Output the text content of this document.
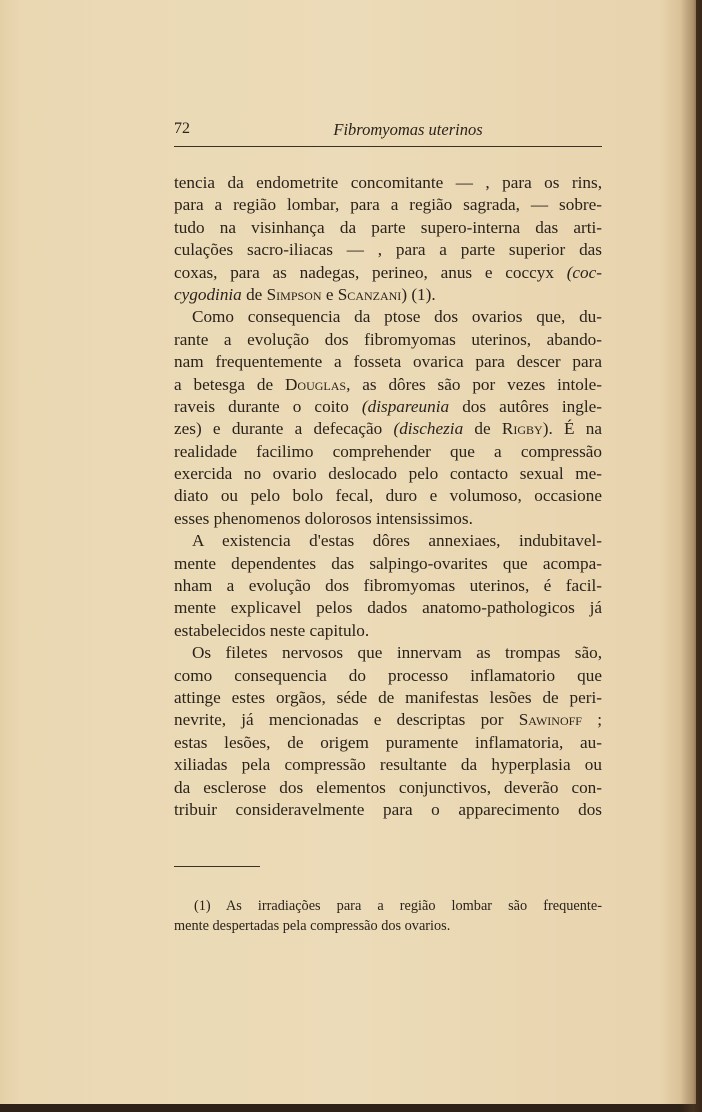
72	Fibromyomas uterinos
tencia da endometrite concomitante — , para os rins,
para a região lombar, para a região sagrada, — sobre-
tudo na visinhança da parte supero-interna das arti-
culações sacro-iliacas — , para a parte superior das
coxas, para as nadegas, perineo, anus e coccyx (coc-
cygodinia de Simpson e Scanzani) (1).
Como consequencia da ptose dos ovarios que, du-
rante a evolução dos fibromyomas uterinos, abando-
nam frequentemente a fosseta ovarica para descer para
a betesga de Douglas, as dôres são por vezes intole-
raveis durante o coito (dispareunia dos autôres ingle-
zes) e durante a defecação (dischezia de Rigby). É na
realidade facilimo comprehender que a compressão
exercida no ovario deslocado pelo contacto sexual me-
diato ou pelo bolo fecal, duro e volumoso, occasione
esses phenomenos dolorosos intensissimos.
A existencia d'estas dôres annexiaes, indubitavel-
mente dependentes das salpingo-ovarites que acompa-
nham a evolução dos fibromyomas uterinos, é facil-
mente explicavel pelos dados anatomo-pathologicos já
estabelecidos neste capitulo.
Os filetes nervosos que innervam as trompas são,
como consequencia do processo inflamatorio que
attinge estes orgãos, séde de manifestas lesões de peri-
nevrite, já mencionadas e descriptas por Sawinoff ;
estas lesões, de origem puramente inflamatoria, au-
xiliadas pela compressão resultante da hyperplasia ou
da esclerose dos elementos conjunctivos, deverão con-
tribuir consideravelmente para o apparecimento dos
(1) As irradiações para a região lombar são frequente-
mente despertadas pela compressão dos ovarios.
